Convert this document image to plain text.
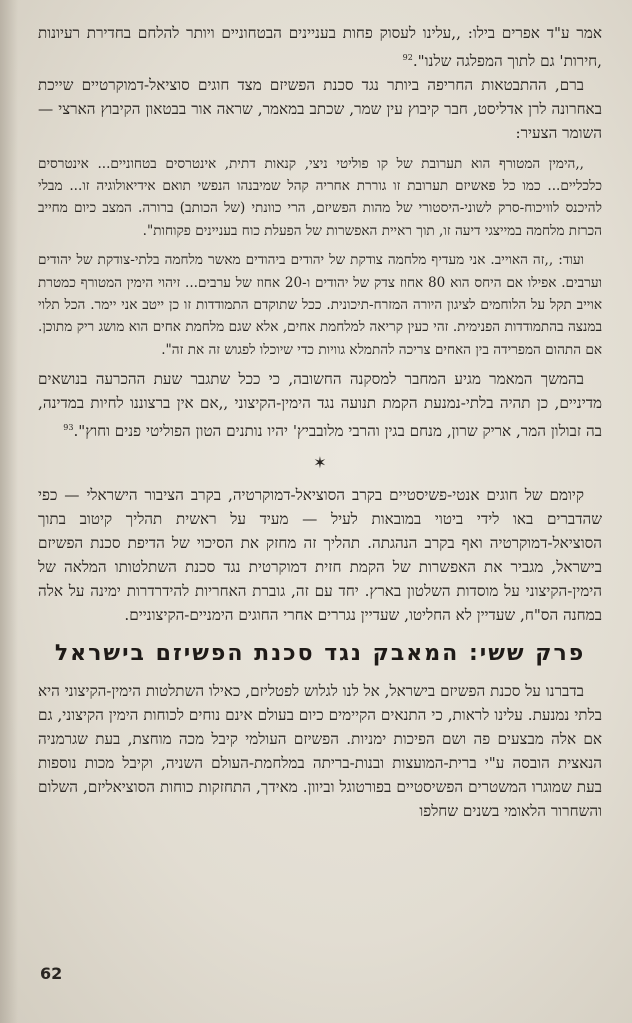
אמר ע"ד אפרים בילו: ,,עלינו לעסוק פחות בעניינים הבטחוניים ויותר להלחם בחדירת רעיונות ,חירות' גם לתוך המפלגה שלנו".$^{92}$

ברם, ההתבטאות החריפה ביותר נגד סכנת הפשיזם מצד חוגים סוציאל-דמוקרטיים שייכת באחרונה לרן אדליסט, חבר קיבוץ עין שמר, שכתב במאמר, שראה אור בבטאון הקיבוץ הארצי — השומר הצעיר:

,,הימין המטורף הוא תערובת של קו פוליטי ניצי, קנאות דתית, אינטרסים בטחוניים... אינטרסים כלכליים... כמו כל פאשיזם תערובת זו גוררת אחריה קהל שמיבנהו הנפשי תואם אידיאולוגיה זו... מבלי להיכנס לוויכוח-סרק לשוני-היסטורי של מהות הפשיזם, הרי כוונתי (של הכותב) ברורה. המצב כיום מחייב הכרזת מלחמה במייצגי דיעה זו, תוך ראיית האפשרות של הפעלת כוח בעניינים פקוחות".

ועוד: ,,זה האוייב. אני מעדיף מלחמה צודקת של יהודים ביהודים מאשר מלחמה בלתי-צודקת של יהודים וערבים. אפילו אם היחס הוא 80 אחוז צדק של יהודים ו-20 אחוז של ערבים... זיהוי הימין המטורף כמטרת אוייב תקל על הלוחמים לציגון היורה המזרח-תיכונית. ככל שתוקדם התמודדות זו כן ייטב אני יימר. הכל תלוי במנצה בהתמודדות הפנימית. זהי כעין קריאה למלחמת אחים, אלא שגם מלחמת אחים הוא מושג ריק מתוכן. אם התהום המפרידה בין האחים צריכה להתמלא גוויות כדי שיוכלו לפגוש זה את זה".

בהמשך המאמר מגיע המחבר למסקנה החשובה, כי ככל שתגבר שעת ההכרעה בנושאים מדיניים, כן תהיה בלתי-נמנעת הקמת תנועה נגד הימין-הקיצוני ,,אם אין ברצוננו לחיות במדינה, בה זבולון המר, אריק שרון, מנחם בגין והרבי מלובביץ' יהיו נותנים הטון הפוליטי פנים וחוץ".$^{93}$

✶

קיומם של חוגים אנטי-פשיסטיים בקרב הסוציאל-דמוקרטיה, בקרב הציבור הישראלי — כפי שהדברים באו לידי ביטוי במובאות לעיל — מעיד על ראשית תהליך קיטוב בתוך הסוציאל-דמוקרטיה ואף בקרב הנהגתה. תהליך זה מחזק את הסיכוי של הדיפת סכנת הפשיזם בישראל, מגביר את האפשרות של הקמת חזית דמוקרטית נגד סכנת השתלטותו המלאה של הימין-הקיצוני על מוסדות השלטון בארץ. יחד עם זה, גוברת האחריות להידרדרות ימינה על אלה במחנה הס"ח, שעדיין לא החליטו, שעדיין נגררים אחרי החוגים הימניים-הקיצוניים.

פרק ששי: המאבק נגד סכנת הפשיזם בישראל

בדברנו על סכנת הפשיזם בישראל, אל לנו לגלוש לפטליזם, כאילו השתלטות הימין-הקיצוני היא בלתי נמנעת. עלינו לראות, כי התנאים הקיימים כיום בעולם אינם נוחים לכוחות הימין הקיצוני, גם אם אלה מבצעים פה ושם הפיכות ימניות. הפשיזם העולמי קיבל מכה מוחצת, בעת שגרמניה הנאצית הובסה ע"י ברית-המועצות ובנות-בריתה במלחמת-העולם השניה, וקיבל מכות נוספות בעת שמוגרו המשטרים הפשיסטיים בפורטוגל וביוון. מאידך, התחזקות כוחות הסוציאליזם, השלום והשחרור הלאומי בשנים שחלפו

62
